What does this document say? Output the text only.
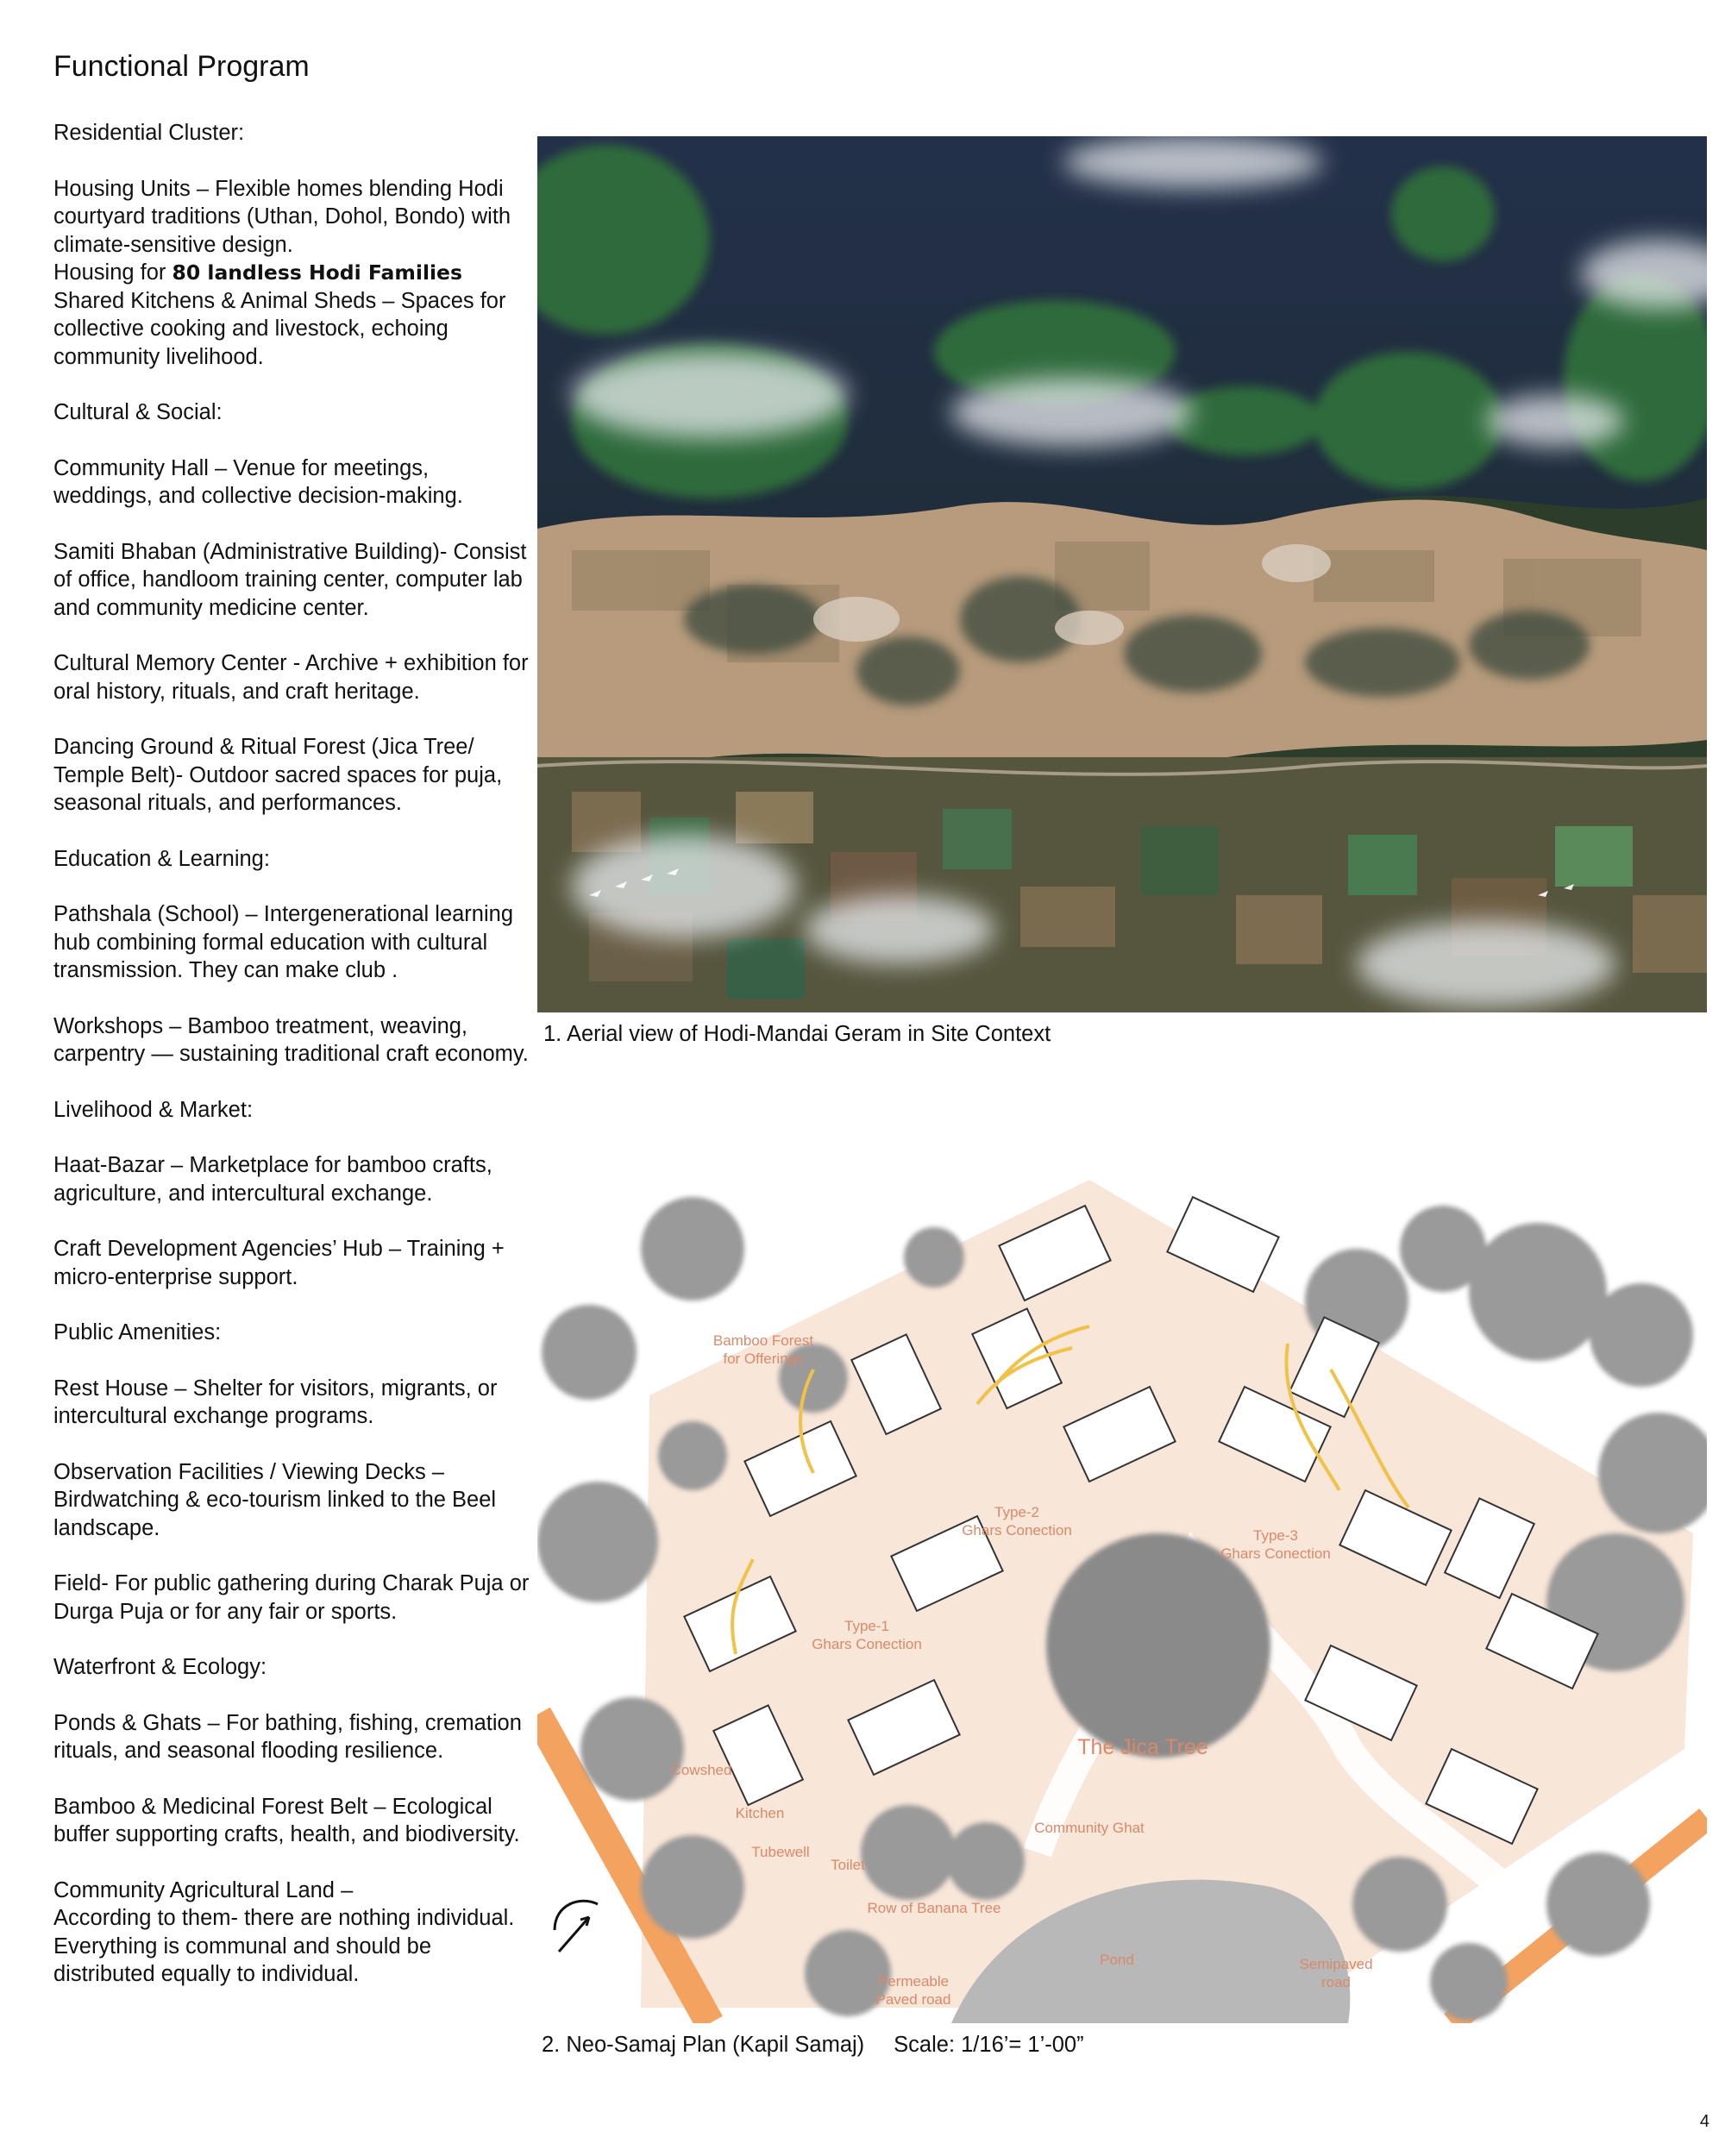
Functional Program
Residential Cluster:

Housing Units – Flexible homes blending Hodi courtyard traditions (Uthan, Dohol, Bondo) with climate-sensitive design.

Housing for 80 landless Hodi Families

Shared Kitchens & Animal Sheds – Spaces for collective cooking and livestock, echoing community livelihood.

Cultural & Social:

Community Hall – Venue for meetings, weddings, and collective decision-making.

Samiti Bhaban (Administrative Building)- Consist of office, handloom training center, computer lab and community medicine center.

Cultural Memory Center - Archive + exhibition for oral history, rituals, and craft heritage.

Dancing Ground & Ritual Forest (Jica Tree/ Temple Belt)- Outdoor sacred spaces for puja, seasonal rituals, and performances.

Education & Learning:

Pathshala (School) – Intergenerational learning hub combining formal education with cultural transmission. They can make club .

Workshops – Bamboo treatment, weaving, carpentry — sustaining traditional craft economy.

Livelihood & Market:

Haat-Bazar – Marketplace for bamboo crafts, agriculture, and intercultural exchange.

Craft Development Agencies’ Hub – Training + micro-enterprise support.

Public Amenities:

Rest House – Shelter for visitors, migrants, or intercultural exchange programs.

Observation Facilities / Viewing Decks – Birdwatching & eco-tourism linked to the Beel landscape.

Field- For public gathering during Charak Puja or Durga Puja or for any fair or sports.

Waterfront & Ecology:

Ponds & Ghats – For bathing, fishing, cremation rituals, and seasonal flooding resilience.

Bamboo & Medicinal Forest Belt – Ecological buffer supporting crafts, health, and biodiversity.

Community Agricultural Land –

According to them- there are nothing individual. Everything is communal and should be distributed equally to individual.

1. Aerial view of Hodi-Mandai Geram in Site Context

Bamboo Forest
for Offerings
Type-2
Ghars Conection	Type-3
Ghars Conection
Type-1
Ghars Conection
The Jica Tree
Cowshed
Kitchen
Tubewell
Toilet
Community Ghat
Row of Banana Tree
Pond	Semipaved
road
Permeable
Paved road

2. Neo-Samaj Plan (Kapil Samaj) Scale: 1/16’= 1’-00”

4
